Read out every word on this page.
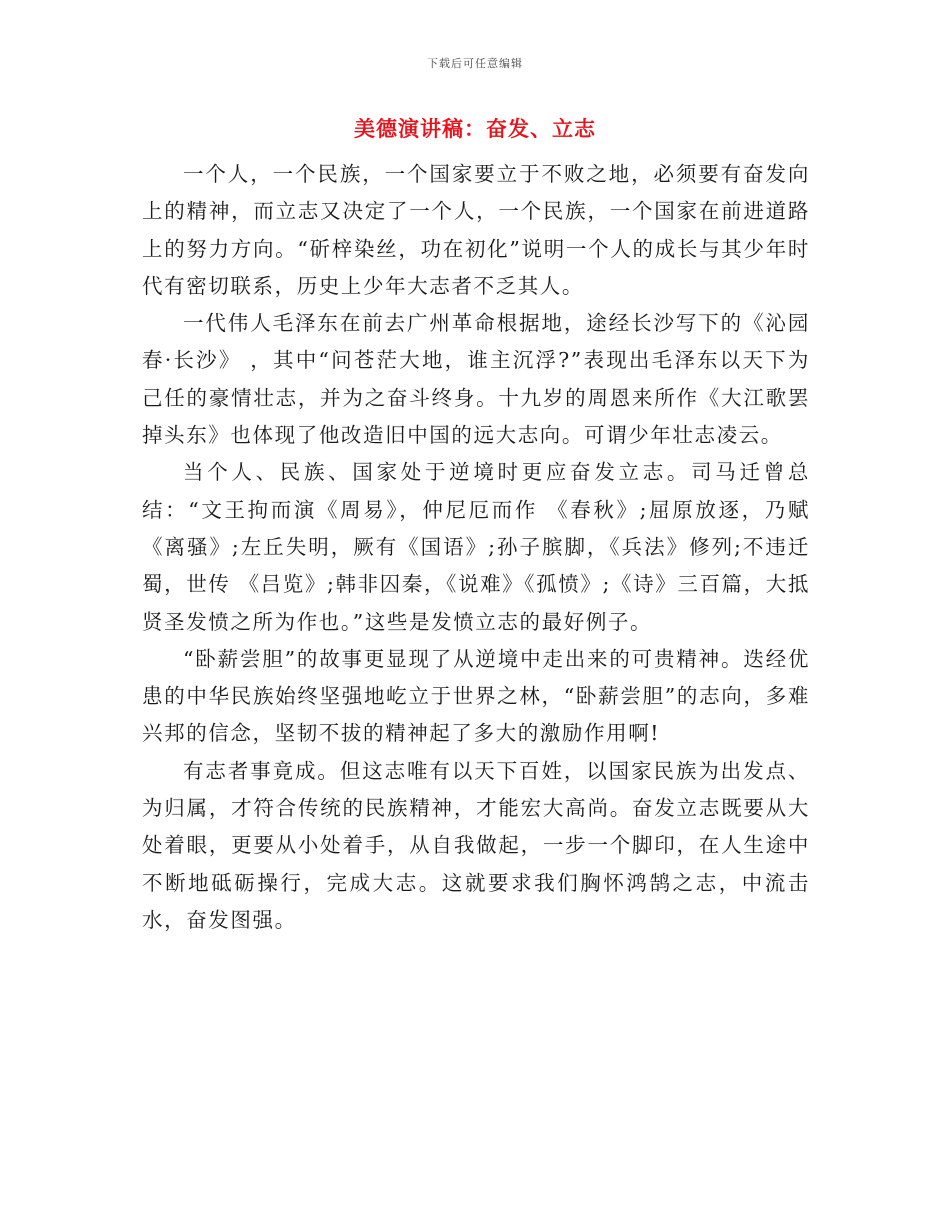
下载后可任意编辑
美德演讲稿：奋发、立志

一个人，一个民族，一个国家要立于不败之地，必须要有奋发向上的精神，而立志又决定了一个人，一个民族，一个国家在前进道路上的努力方向。“斫梓染丝，功在初化”说明一个人的成长与其少年时代有密切联系，历史上少年大志者不乏其人。

一代伟人毛泽东在前去广州革命根据地，途经长沙写下的《沁园春·长沙》 ，其中“问苍茫大地，谁主沉浮?”表现出毛泽东以天下为己任的豪情壮志，并为之奋斗终身。十九岁的周恩来所作《大江歌罢掉头东》也体现了他改造旧中国的远大志向。可谓少年壮志凌云。

当个人、民族、国家处于逆境时更应奋发立志。司马迁曾总结：“文王拘而演《周易》，仲尼厄而作 《春秋》;屈原放逐，乃赋《离骚》;左丘失明，厥有《国语》;孙子膑脚，《兵法》修列;不违迁蜀，世传 《吕览》;韩非囚秦，《说难》《孤愤》;《诗》三百篇，大抵贤圣发愤之所为作也。”这些是发愤立志的最好例子。

“卧薪尝胆”的故事更显现了从逆境中走出来的可贵精神。迭经优患的中华民族始终坚强地屹立于世界之林，“卧薪尝胆”的志向，多难兴邦的信念，坚韧不拔的精神起了多大的激励作用啊!

有志者事竟成。但这志唯有以天下百姓，以国家民族为出发点、为归属，才符合传统的民族精神，才能宏大高尚。奋发立志既要从大处着眼，更要从小处着手，从自我做起，一步一个脚印，在人生途中不断地砥砺操行，完成大志。这就要求我们胸怀鸿鹄之志，中流击水，奋发图强。
